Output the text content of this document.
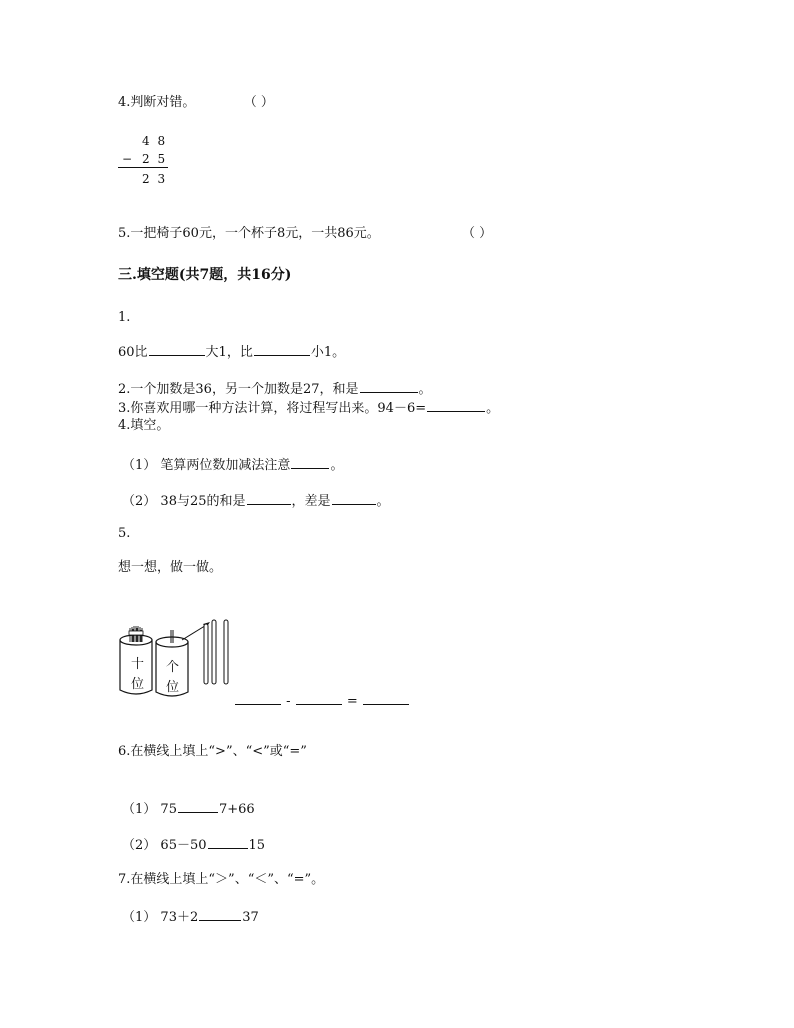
4.判断对错。	（ ）
4 8
− 2 5
2 3
5.一把椅子60元，一个杯子8元，一共86元。	（ ）
三.填空题(共7题，共16分)
1.
60比	大1，比	小1。
2.一个加数是36，另一个加数是27，和是	。
3.你喜欢用哪一种方法计算，将过程写出来。94－6=	。
4.填空。
（1） 笔算两位数加减法注意	。
（2） 38与25的和是	，差是	。
5.
想一想，做一做。
十
位
个
位
-	=
6.在横线上填上“>”、“<”或“=”
（1） 75	7+66
（2） 65－50	15
7.在横线上填上“＞”、“＜”、“=”。
（1） 73＋2	37
